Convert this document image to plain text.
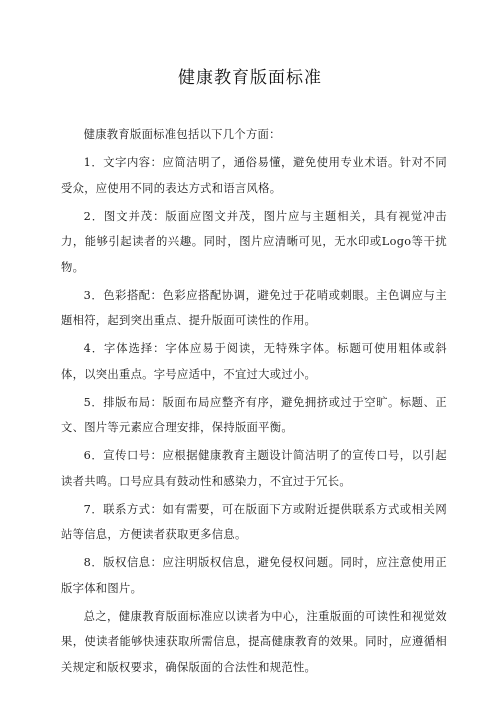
健康教育版面标准

健康教育版面标准包括以下几个方面：

1．文字内容：应简洁明了，通俗易懂，避免使用专业术语。针对不同受众，应使用不同的表达方式和语言风格。

2．图文并茂：版面应图文并茂，图片应与主题相关，具有视觉冲击力，能够引起读者的兴趣。同时，图片应清晰可见，无水印或Logo等干扰物。

3．色彩搭配：色彩应搭配协调，避免过于花哨或刺眼。主色调应与主题相符，起到突出重点、提升版面可读性的作用。

4．字体选择：字体应易于阅读，无特殊字体。标题可使用粗体或斜体，以突出重点。字号应适中，不宜过大或过小。

5．排版布局：版面布局应整齐有序，避免拥挤或过于空旷。标题、正文、图片等元素应合理安排，保持版面平衡。

6．宣传口号：应根据健康教育主题设计简洁明了的宣传口号，以引起读者共鸣。口号应具有鼓动性和感染力，不宜过于冗长。

7．联系方式：如有需要，可在版面下方或附近提供联系方式或相关网站等信息，方便读者获取更多信息。

8．版权信息：应注明版权信息，避免侵权问题。同时，应注意使用正版字体和图片。

总之，健康教育版面标准应以读者为中心，注重版面的可读性和视觉效果，使读者能够快速获取所需信息，提高健康教育的效果。同时，应遵循相关规定和版权要求，确保版面的合法性和规范性。
